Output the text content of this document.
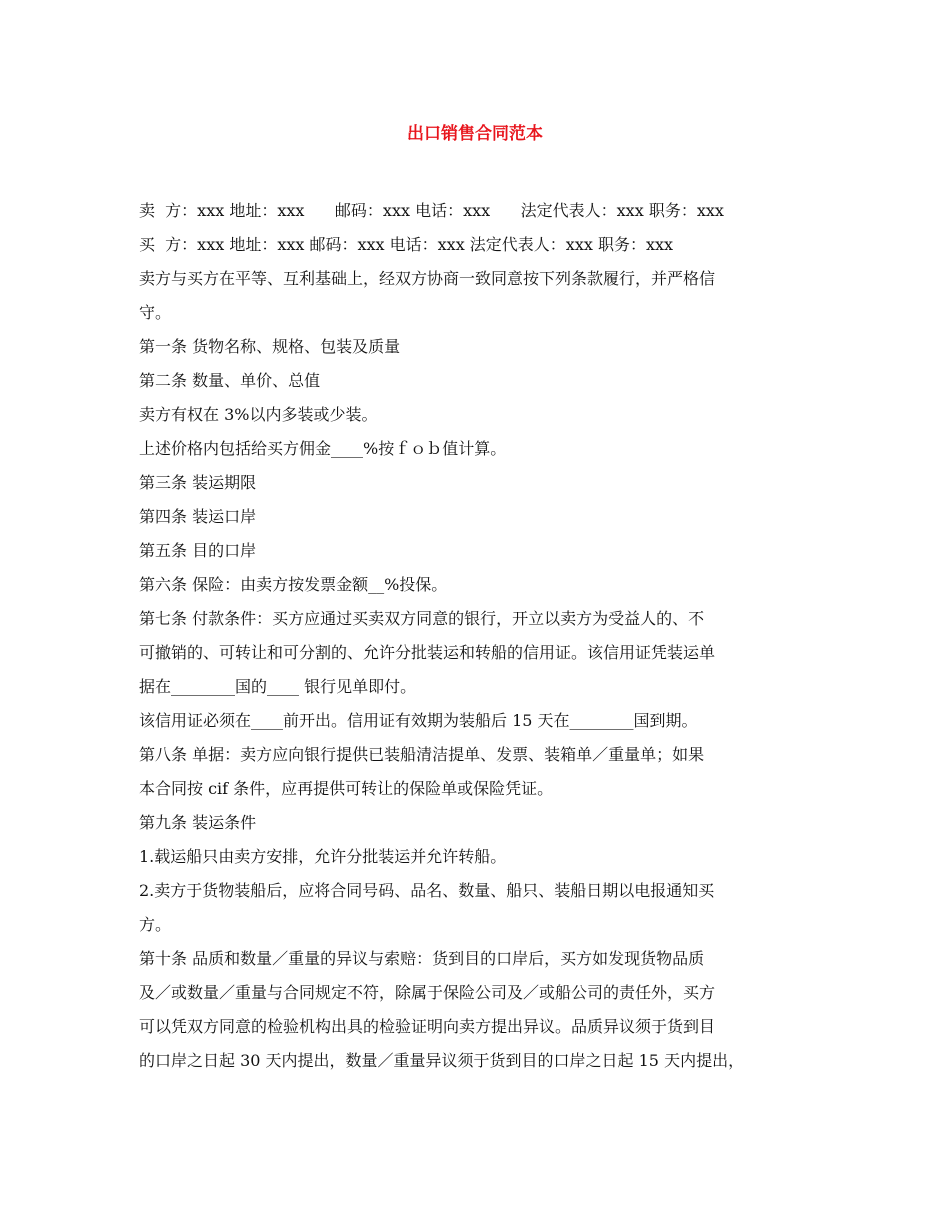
出口销售合同范本
卖  方：xxx 地址：xxx      邮码：xxx 电话：xxx      法定代表人：xxx 职务：xxx
买  方：xxx 地址：xxx 邮码：xxx 电话：xxx 法定代表人：xxx 职务：xxx
卖方与买方在平等、互利基础上，经双方协商一致同意按下列条款履行，并严格信
守。
第一条 货物名称、规格、包装及质量
第二条 数量、单价、总值
卖方有权在 3%以内多装或少装。
上述价格内包括给买方佣金____%按ｆｏｂ值计算。
第三条 装运期限
第四条 装运口岸
第五条 目的口岸
第六条 保险：由卖方按发票金额__%投保。
第七条 付款条件：买方应通过买卖双方同意的银行，开立以卖方为受益人的、不
可撤销的、可转让和可分割的、允许分批装运和转船的信用证。该信用证凭装运单
据在________国的____ 银行见单即付。
该信用证必须在____前开出。信用证有效期为装船后 15 天在________国到期。
第八条 单据：卖方应向银行提供已装船清洁提单、发票、装箱单／重量单；如果
本合同按 cif 条件，应再提供可转让的保险单或保险凭证。
第九条 装运条件
1.载运船只由卖方安排，允许分批装运并允许转船。
2.卖方于货物装船后，应将合同号码、品名、数量、船只、装船日期以电报通知买
方。
第十条 品质和数量／重量的异议与索赔：货到目的口岸后，买方如发现货物品质
及／或数量／重量与合同规定不符，除属于保险公司及／或船公司的责任外，买方
可以凭双方同意的检验机构出具的检验证明向卖方提出异议。品质异议须于货到目
的口岸之日起 30 天内提出，数量／重量异议须于货到目的口岸之日起 15 天内提出，
